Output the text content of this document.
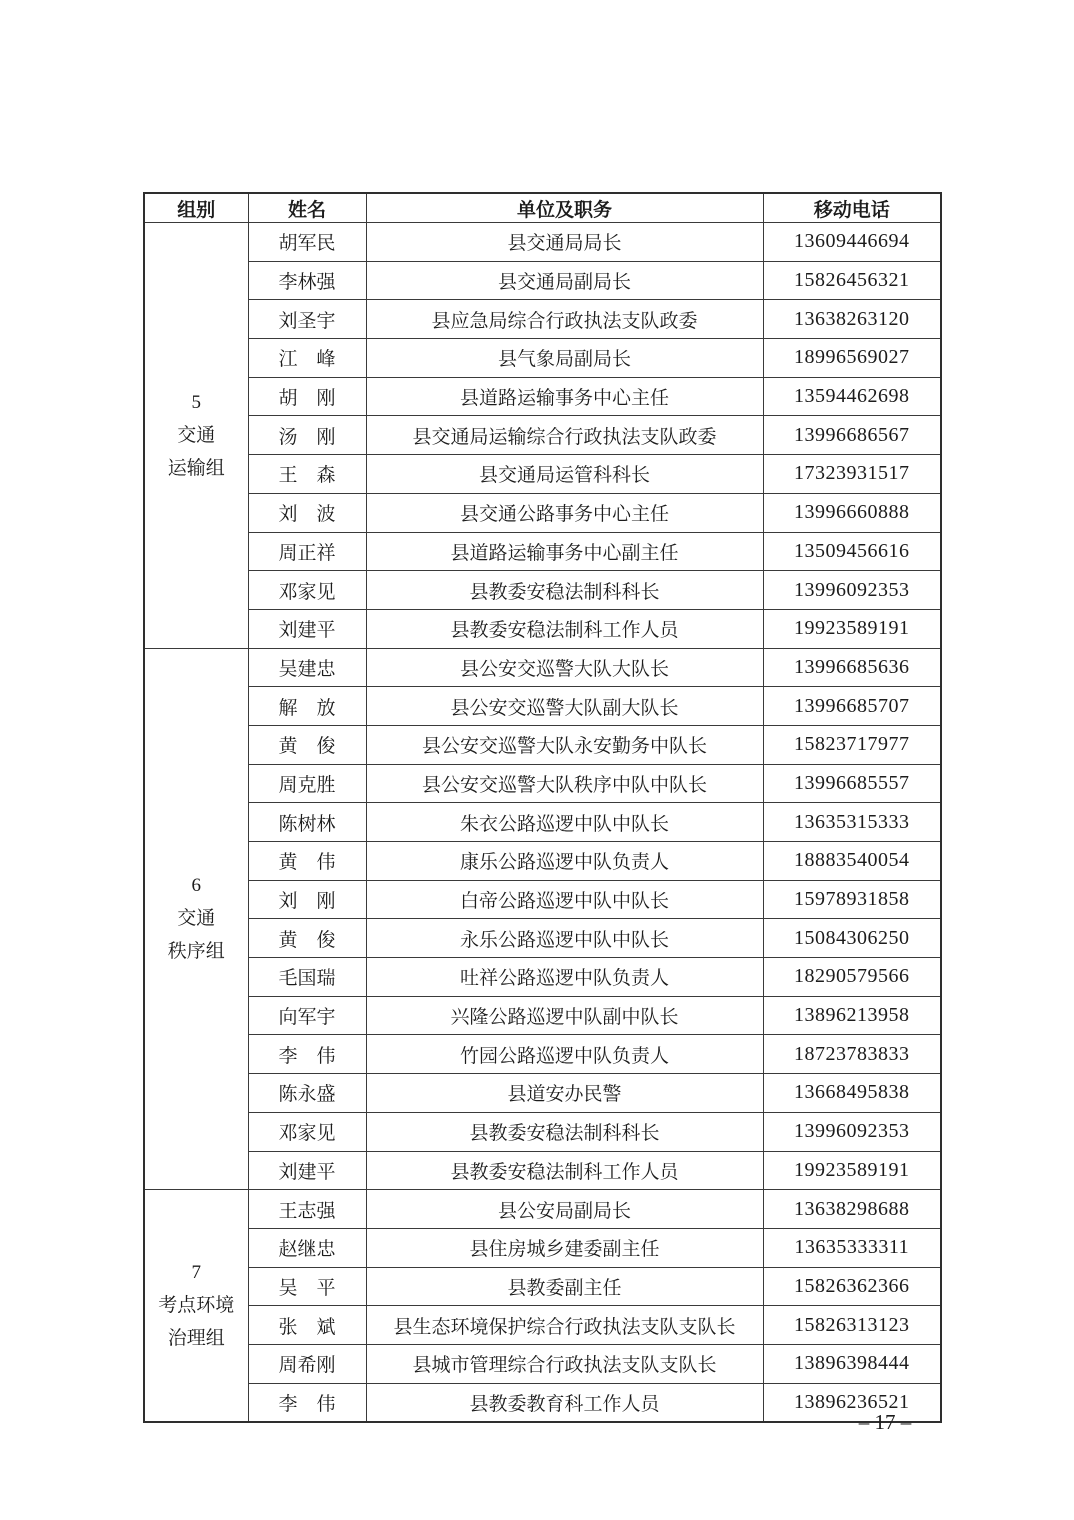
组别	姓名	单位及职务	移动电话

5
交通
运输组	胡军民	县交通局局长	13609446694
	李林强	县交通局副局长	15826456321
	刘圣宇	县应急局综合行政执法支队政委	13638263120
	江　峰	县气象局副局长	18996569027
	胡　刚	县道路运输事务中心主任	13594462698
	汤　刚	县交通局运输综合行政执法支队政委	13996686567
	王　森	县交通局运管科科长	17323931517
	刘　波	县交通公路事务中心主任	13996660888
	周正祥	县道路运输事务中心副主任	13509456616
	邓家见	县教委安稳法制科科长	13996092353
	刘建平	县教委安稳法制科工作人员	19923589191

6
交通
秩序组	吴建忠	县公安交巡警大队大队长	13996685636
	解　放	县公安交巡警大队副大队长	13996685707
	黄　俊	县公安交巡警大队永安勤务中队长	15823717977
	周克胜	县公安交巡警大队秩序中队中队长	13996685557
	陈树林	朱衣公路巡逻中队中队长	13635315333
	黄　伟	康乐公路巡逻中队负责人	18883540054
	刘　刚	白帝公路巡逻中队中队长	15978931858
	黄　俊	永乐公路巡逻中队中队长	15084306250
	毛国瑞	吐祥公路巡逻中队负责人	18290579566
	向军宇	兴隆公路巡逻中队副中队长	13896213958
	李　伟	竹园公路巡逻中队负责人	18723783833
	陈永盛	县道安办民警	13668495838
	邓家见	县教委安稳法制科科长	13996092353
	刘建平	县教委安稳法制科工作人员	19923589191

7
考点环境
治理组	王志强	县公安局副局长	13638298688
	赵继忠	县住房城乡建委副主任	13635333311
	吴　平	县教委副主任	15826362366
	张　斌	县生态环境保护综合行政执法支队支队长	15826313123
	周希刚	县城市管理综合行政执法支队支队长	13896398444
	李　伟	县教委教育科工作人员	13896236521
– 17 –
